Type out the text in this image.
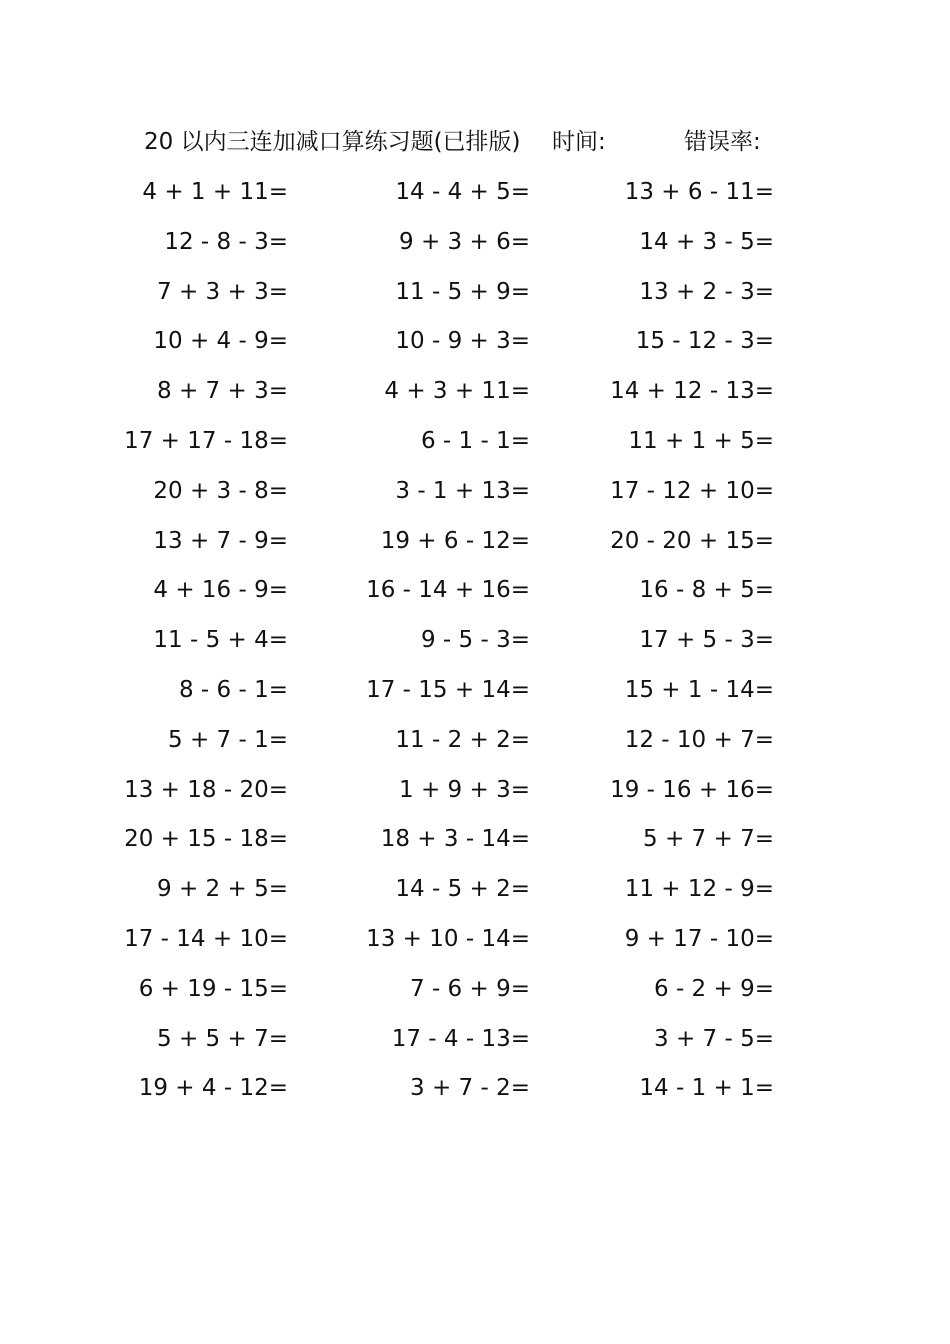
20 以内三连加减口算练习题(已排版) 时间:	错误率:
4 + 1 + 11=	14 - 4 + 5=	13 + 6 - 11=
12 - 8 - 3=	9 + 3 + 6=	14 + 3 - 5=
7 + 3 + 3=	11 - 5 + 9=	13 + 2 - 3=
10 + 4 - 9=	10 - 9 + 3=	15 - 12 - 3=
8 + 7 + 3=	4 + 3 + 11=	14 + 12 - 13=
17 + 17 - 18=	6 - 1 - 1=	11 + 1 + 5=
20 + 3 - 8=	3 - 1 + 13=	17 - 12 + 10=
13 + 7 - 9=	19 + 6 - 12=	20 - 20 + 15=
4 + 16 - 9=	16 - 14 + 16=	16 - 8 + 5=
11 - 5 + 4=	9 - 5 - 3=	17 + 5 - 3=
8 - 6 - 1=	17 - 15 + 14=	15 + 1 - 14=
5 + 7 - 1=	11 - 2 + 2=	12 - 10 + 7=
13 + 18 - 20=	1 + 9 + 3=	19 - 16 + 16=
20 + 15 - 18=	18 + 3 - 14=	5 + 7 + 7=
9 + 2 + 5=	14 - 5 + 2=	11 + 12 - 9=
17 - 14 + 10=	13 + 10 - 14=	9 + 17 - 10=
6 + 19 - 15=	7 - 6 + 9=	6 - 2 + 9=
5 + 5 + 7=	17 - 4 - 13=	3 + 7 - 5=
19 + 4 - 12=	3 + 7 - 2=	14 - 1 + 1=
